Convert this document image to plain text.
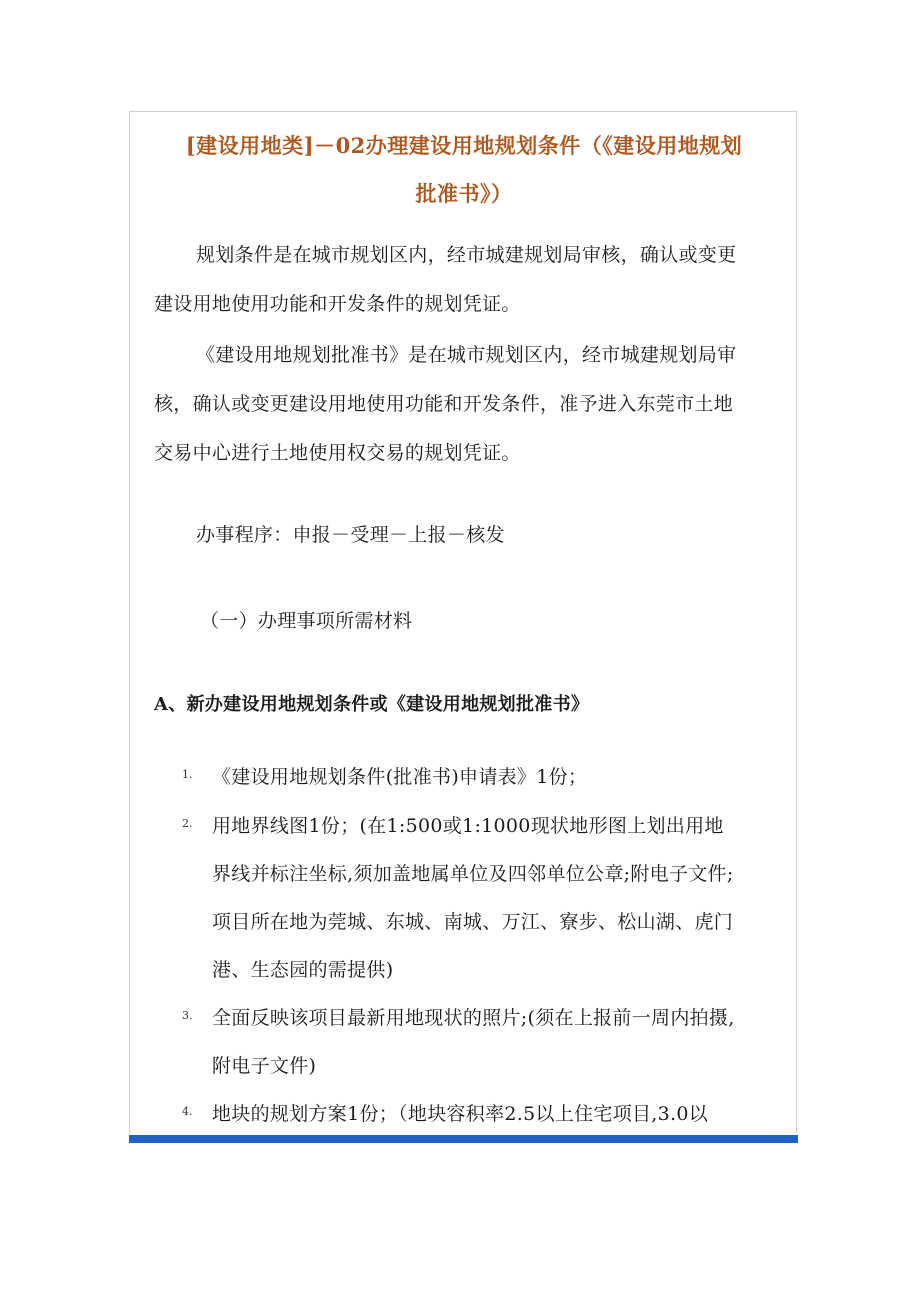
[建设用地类]－02办理建设用地规划条件（《建设用地规划
批准书》）

规划条件是在城市规划区内，经市城建规划局审核，确认或变更

建设用地使用功能和开发条件的规划凭证。

《建设用地规划批准书》是在城市规划区内，经市城建规划局审

核，确认或变更建设用地使用功能和开发条件，准予进入东莞市土地

交易中心进行土地使用权交易的规划凭证。

办事程序：申报－受理－上报－核发

（一）办理事项所需材料

A、新办建设用地规划条件或《建设用地规划批准书》

1. 《建设用地规划条件(批准书)申请表》1份；

2. 用地界线图1份；(在1:500或1:1000现状地形图上划出用地

界线并标注坐标,须加盖地属单位及四邻单位公章;附电子文件;

项目所在地为莞城、东城、南城、万江、寮步、松山湖、虎门

港、生态园的需提供)

3. 全面反映该项目最新用地现状的照片;(须在上报前一周内拍摄,

附电子文件)

4. 地块的规划方案1份；（地块容积率2.5以上住宅项目,3.0以
